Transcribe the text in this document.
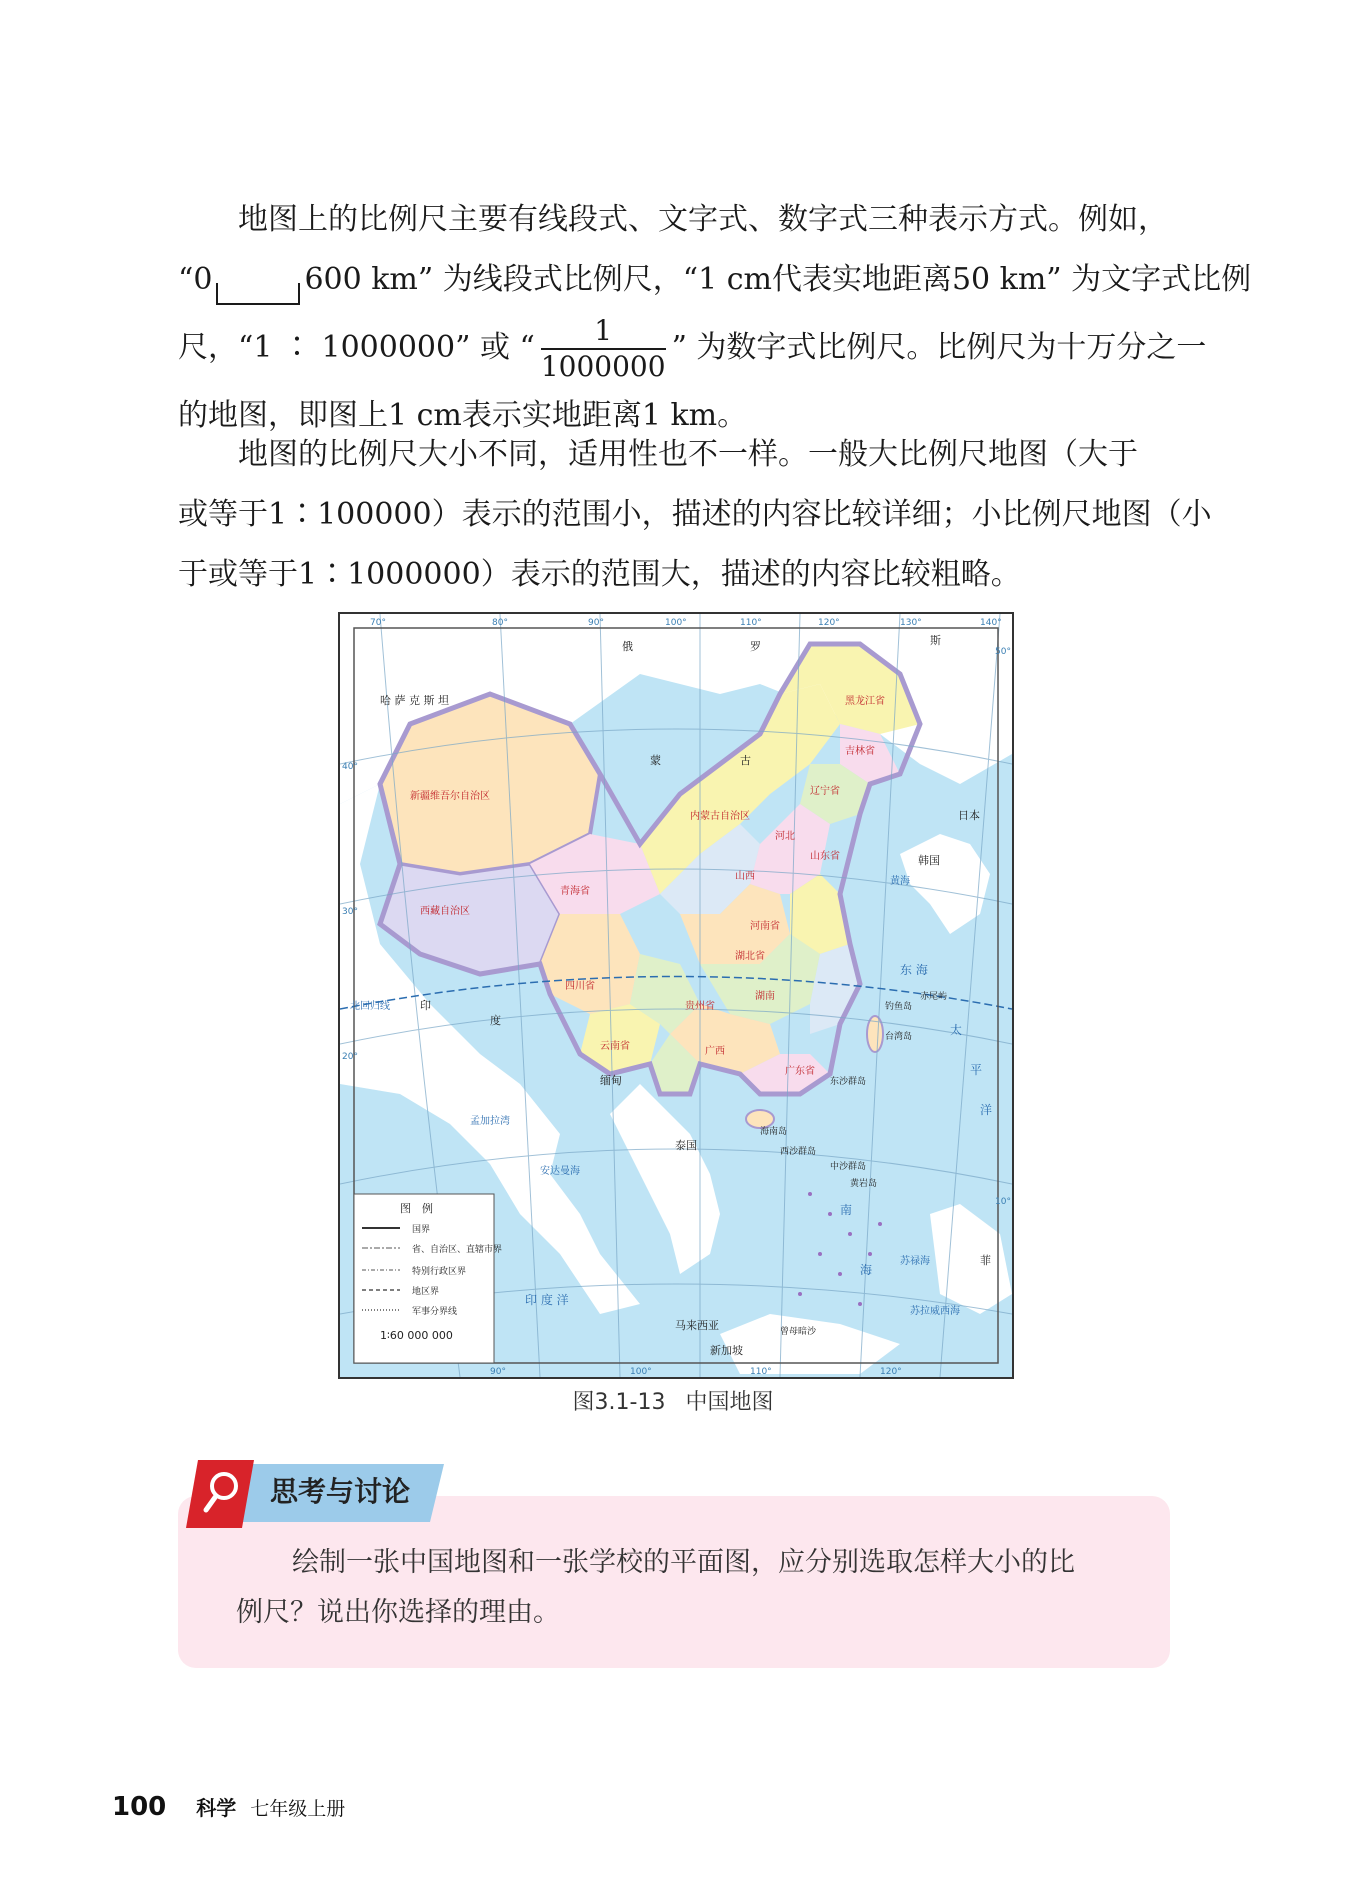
地图上的比例尺主要有线段式、文字式、数字式三种表示方式。例如，
“0	600 km” 为线段式比例尺，“1 cm代表实地距离50 km” 为文字式比例
尺，“1 ∶ 1000000” 或 “ $\frac{1}{1000000}$ ” 为数字式比例尺。比例尺为十万分之一
的地图，即图上1 cm表示实地距离1 km。
地图的比例尺大小不同，适用性也不一样。一般大比例尺地图（大于
或等于1∶100000）表示的范围小，描述的内容比较详细；小比例尺地图（小
于或等于1∶1000000）表示的范围大，描述的内容比较粗略。
70°	80°	90°	100°	110°	120°	130°	140°
90°	100°	110°	120°
50°
40°
30°
20°
10°
俄	罗	斯
哈 萨 克 斯 坦
蒙	古
印
度
泰国
缅甸
韩国
日本
马来西亚
新加坡
菲
新疆维吾尔自治区
西藏自治区
青海省
四川省
云南省
贵州省
黑龙江省
吉林省
辽宁省
内蒙古自治区
河北
山西
山东省
河南省
湖北省
湖南
广西
广东省
孟加拉湾
安达曼海
印 度 洋
黄海
东 海
南
海
太
平
洋
北回归线
苏禄海
苏拉威西海
台湾岛
海南岛
西沙群岛
中沙群岛
黄岩岛
东沙群岛
钓鱼岛
赤尾屿
曾母暗沙
图　例
国界
省、自治区、直辖市界
特别行政区界
地区界
军事分界线
1∶60 000 000
图3.1-13 中国地图
思考与讨论
绘制一张中国地图和一张学校的平面图，应分别选取怎样大小的比
例尺？说出你选择的理由。
100 科学 七年级上册
